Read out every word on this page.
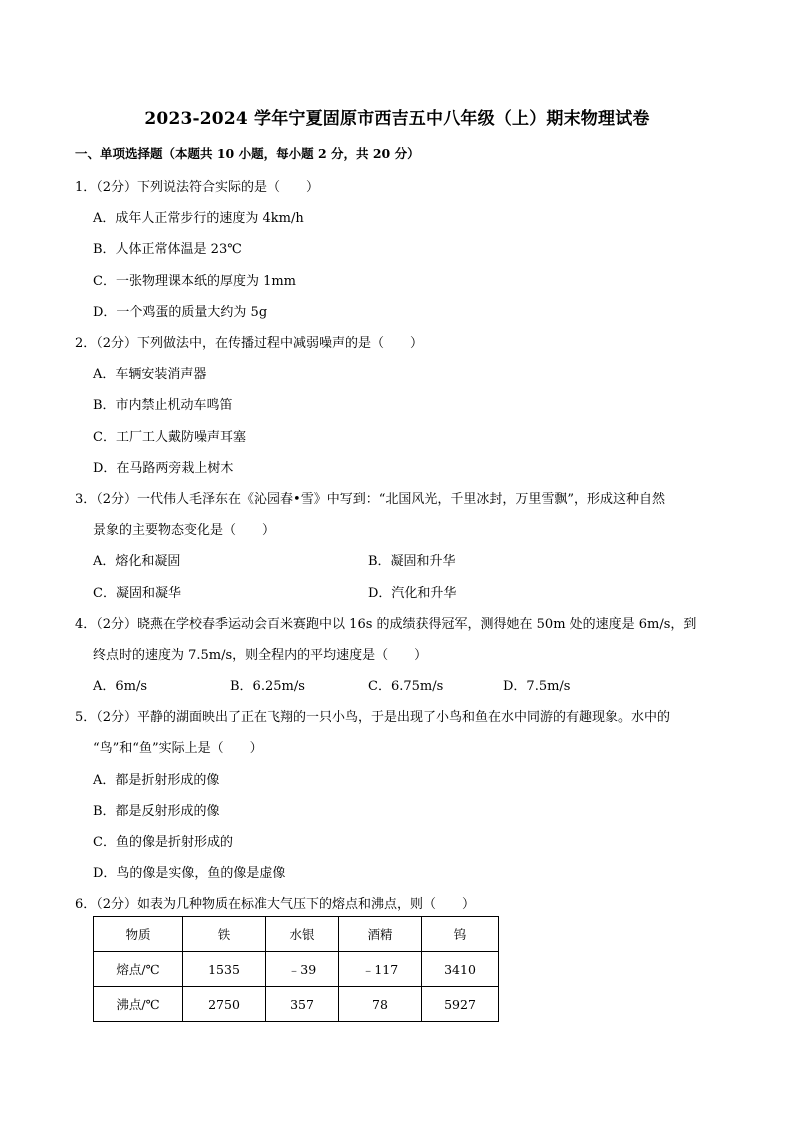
2023-2024 学年宁夏固原市西吉五中八年级（上）期末物理试卷
一、单项选择题（本题共 10 小题，每小题 2 分，共 20 分）
1．（2分）下列说法符合实际的是（　　）
A．成年人正常步行的速度为 4km/h
B．人体正常体温是 23℃
C．一张物理课本纸的厚度为 1mm
D．一个鸡蛋的质量大约为 5g
2．（2分）下列做法中，在传播过程中减弱噪声的是（　　）
A．车辆安装消声器
B．市内禁止机动车鸣笛
C．工厂工人戴防噪声耳塞
D．在马路两旁栽上树木
3．（2分）一代伟人毛泽东在《沁园春•雪》中写到：“北国风光，千里冰封，万里雪飘”，形成这种自然
景象的主要物态变化是（　　）
A．熔化和凝固	B．凝固和升华
C．凝固和凝华	D．汽化和升华
4．（2分）晓燕在学校春季运动会百米赛跑中以 16s 的成绩获得冠军，测得她在 50m 处的速度是 6m/s，到
终点时的速度为 7.5m/s，则全程内的平均速度是（　　）
A．6m/s	B．6.25m/s	C．6.75m/s	D．7.5m/s
5．（2分）平静的湖面映出了正在飞翔的一只小鸟，于是出现了小鸟和鱼在水中同游的有趣现象。水中的
“鸟”和“鱼”实际上是（　　）
A．都是折射形成的像
B．都是反射形成的像
C．鱼的像是折射形成的
D．鸟的像是实像，鱼的像是虚像
6．（2分）如表为几种物质在标准大气压下的熔点和沸点，则（　　）
物质	铁	水银	酒精	钨
熔点/℃	1535	﹣39	﹣117	3410
沸点/℃	2750	357	78	5927
